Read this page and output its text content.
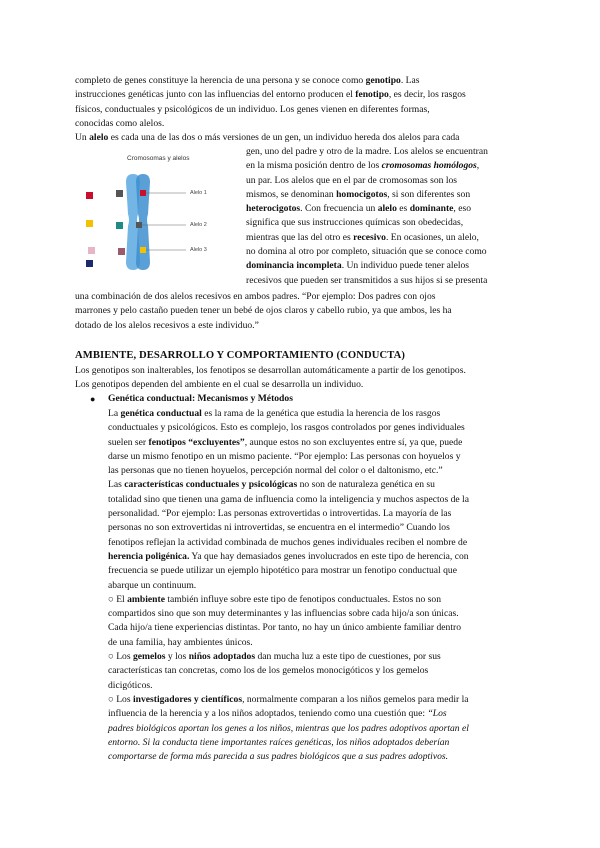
completo de genes constituye la herencia de una persona y se conoce como genotipo. Las

instrucciones genéticas junto con las influencias del entorno producen el fenotipo, es decir, los rasgos

físicos, conductuales y psicológicos de un individuo. Los genes vienen en diferentes formas,

conocidas como alelos.

Un alelo es cada una de las dos o más versiones de un gen, un individuo hereda dos alelos para cada

Cromosomas y alelos
Alelo 1
Alelo 2
Alelo 3

gen, uno del padre y otro de la madre. Los alelos se encuentran

en la misma posición dentro de los cromosomas homólogos,

un par. Los alelos que en el par de cromosomas son los

mismos, se denominan homocigotos, si son diferentes son

heterocigotos. Con frecuencia un alelo es dominante, eso

significa que sus instrucciones químicas son obedecidas,

mientras que las del otro es recesivo. En ocasiones, un alelo,

no domina al otro por completo, situación que se conoce como

dominancia incompleta. Un individuo puede tener alelos

recesivos que pueden ser transmitidos a sus hijos si se presenta

una combinación de dos alelos recesivos en ambos padres. “Por ejemplo: Dos padres con ojos

marrones y pelo castaño pueden tener un bebé de ojos claros y cabello rubio, ya que ambos, les ha

dotado de los alelos recesivos a este individuo.”

AMBIENTE, DESARROLLO Y COMPORTAMIENTO (CONDUCTA)

Los genotipos son inalterables, los fenotipos se desarrollan automáticamente a partir de los genotipos.

Los genotipos dependen del ambiente en el cual se desarrolla un individuo.

● Genética conductual: Mecanismos y Métodos

La genética conductual es la rama de la genética que estudia la herencia de los rasgos

conductuales y psicológicos. Esto es complejo, los rasgos controlados por genes individuales

suelen ser fenotipos “excluyentes”, aunque estos no son excluyentes entre sí, ya que, puede

darse un mismo fenotipo en un mismo paciente. “Por ejemplo: Las personas con hoyuelos y

las personas que no tienen hoyuelos, percepción normal del color o el daltonismo, etc.”

Las características conductuales y psicológicas no son de naturaleza genética en su

totalidad sino que tienen una gama de influencia como la inteligencia y muchos aspectos de la

personalidad. “Por ejemplo: Las personas extrovertidas o introvertidas. La mayoría de las

personas no son extrovertidas ni introvertidas, se encuentra en el intermedio” Cuando los

fenotipos reflejan la actividad combinada de muchos genes individuales reciben el nombre de

herencia poligénica. Ya que hay demasiados genes involucrados en este tipo de herencia, con

frecuencia se puede utilizar un ejemplo hipotético para mostrar un fenotipo conductual que

abarque un continuum.

○ El ambiente también influye sobre este tipo de fenotipos conductuales. Estos no son

compartidos sino que son muy determinantes y las influencias sobre cada hijo/a son únicas.

Cada hijo/a tiene experiencias distintas. Por tanto, no hay un único ambiente familiar dentro

de una familia, hay ambientes únicos.

○ Los gemelos y los niños adoptados dan mucha luz a este tipo de cuestiones, por sus

características tan concretas, como los de los gemelos monocigóticos y los gemelos

dicigóticos.

○ Los investigadores y científicos, normalmente comparan a los niños gemelos para medir la

influencia de la herencia y a los niños adoptados, teniendo como una cuestión que: “Los

padres biológicos aportan los genes a los niños, mientras que los padres adoptivos aportan el

entorno. Si la conducta tiene importantes raíces genéticas, los niños adoptados deberían

comportarse de forma más parecida a sus padres biológicos que a sus padres adoptivos.
